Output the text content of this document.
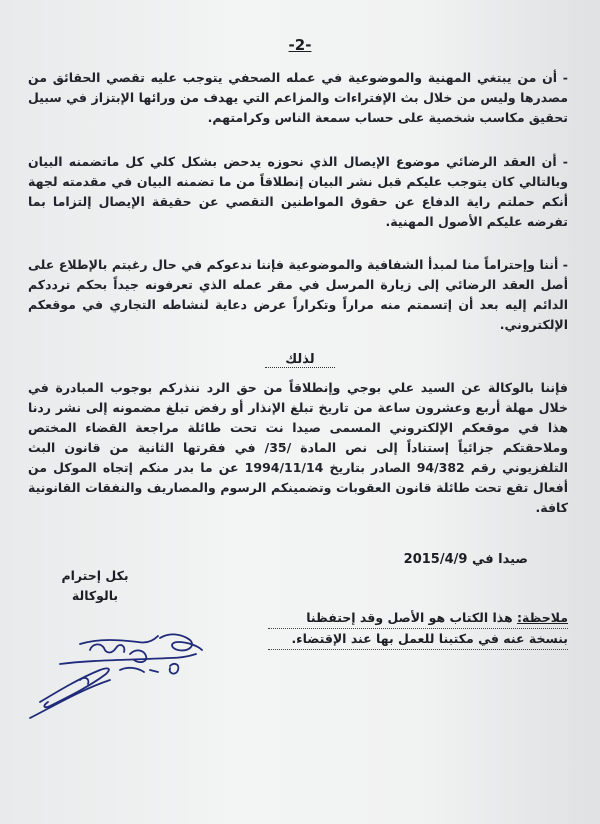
-2-
- أن من يبتغي المهنية والموضوعية في عمله الصحفي يتوجب عليه تقصي الحقائق من مصدرها وليس من خلال بث الإفتراءات والمزاعم التي يهدف من ورائها الإبتزاز في سبيل تحقيق مكاسب شخصية على حساب سمعة الناس وكرامتهم.
- أن العقد الرضائي موضوع الإيصال الذي نحوزه يدحض بشكل كلي كل ماتضمنه البيان وبالتالي كان يتوجب عليكم قبل نشر البيان إنطلاقاً من ما تضمنه البيان في مقدمته لجهة أنكم حملتم راية الدفاع عن حقوق المواطنين التقصي عن حقيقة الإيصال إلتزاما بما تفرضه عليكم الأصول المهنية.
- أننا وإحتراماً منا لمبدأ الشفافية والموضوعية فإننا ندعوكم في حال رغبتم بالإطلاع على أصل العقد الرضائي إلى زيارة المرسل في مقر عمله الذي تعرفونه جيداً بحكم ترددكم الدائم إليه بعد أن إتسمتم منه مراراً وتكراراً عرض دعاية لنشاطه التجاري في موقعكم الإلكتروني.
لذلك
فإننا بالوكالة عن السيد علي بوجي وإنطلاقاً من حق الرد ننذركم بوجوب المبادرة في خلال مهلة أربع وعشرون ساعة من تاريخ تبلغ الإنذار أو رفض تبلغ مضمونه إلى نشر ردنا هذا في موقعكم الإلكتروني المسمى صيدا نت تحت طائلة مراجعة القضاء المختص وملاحقتكم جزائياً إستناداً إلى نص المادة /35/ في فقرتها الثانية من قانون البث التلفزيوني رقم 94/382 الصادر بتاريخ 1994/11/14 عن ما بدر منكم إتجاه الموكل من أفعال تقع تحت طائلة قانون العقوبات وتضمينكم الرسوم والمصاريف والنفقات القانونية كافة.
صيدا في 2015/4/9
بكل إحترام
بالوكالة
ملاحظة: هذا الكتاب هو الأصل وقد إحتفظنا
بنسخة عنه في مكتبنا للعمل بها عند الإقتضاء.
